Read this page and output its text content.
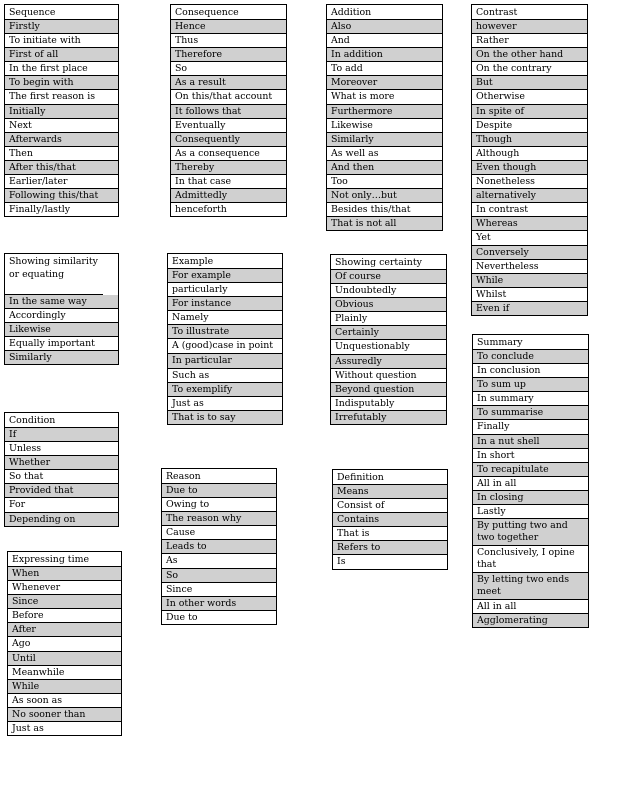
Sequence
Firstly
To initiate with
First of all
In the first place
To begin with
The first reason is
Initially
Next
Afterwards
Then
After this/that
Earlier/later
Following this/that
Finally/lastly
Consequence
Hence
Thus
Therefore
So
As a result
On this/that account
It follows that
Eventually
Consequently
As a consequence
Thereby
In that case
Admittedly
henceforth
Addition
Also
And
In addition
To add
Moreover
What is more
Furthermore
Likewise
Similarly
As well as
And then
Too
Not only…but
Besides this/that
That is not all
Contrast
however
Rather
On the other hand
On the contrary
But
Otherwise
In spite of
Despite
Though
Although
Even though
Nonetheless
alternatively
In contrast
Whereas
Yet
Conversely
Nevertheless
While
Whilst
Even if
Showing similarity or equating
In the same way
Accordingly
Likewise
Equally important
Similarly
Example
For example
particularly
For instance
Namely
To illustrate
A (good)case in point
In particular
Such as
To exemplify
Just as
That is to say
Showing certainty
Of course
Undoubtedly
Obvious
Plainly
Certainly
Unquestionably
Assuredly
Without question
Beyond question
Indisputably
Irrefutably
Summary
To conclude
In conclusion
To sum up
In summary
To summarise
Finally
In a nut shell
In short
To recapitulate
All in all
In closing
Lastly
By putting two and two together
Conclusively, I opine that
By letting two ends meet
All in all
Agglomerating
Condition
If
Unless
Whether
So that
Provided that
For
Depending on
Reason
Due to
Owing to
The reason why
Cause
Leads to
As
So
Since
In other words
Due to
Definition
Means
Consist of
Contains
That is
Refers to
Is
Expressing time
When
Whenever
Since
Before
After
Ago
Until
Meanwhile
While
As soon as
No sooner than
Just as
